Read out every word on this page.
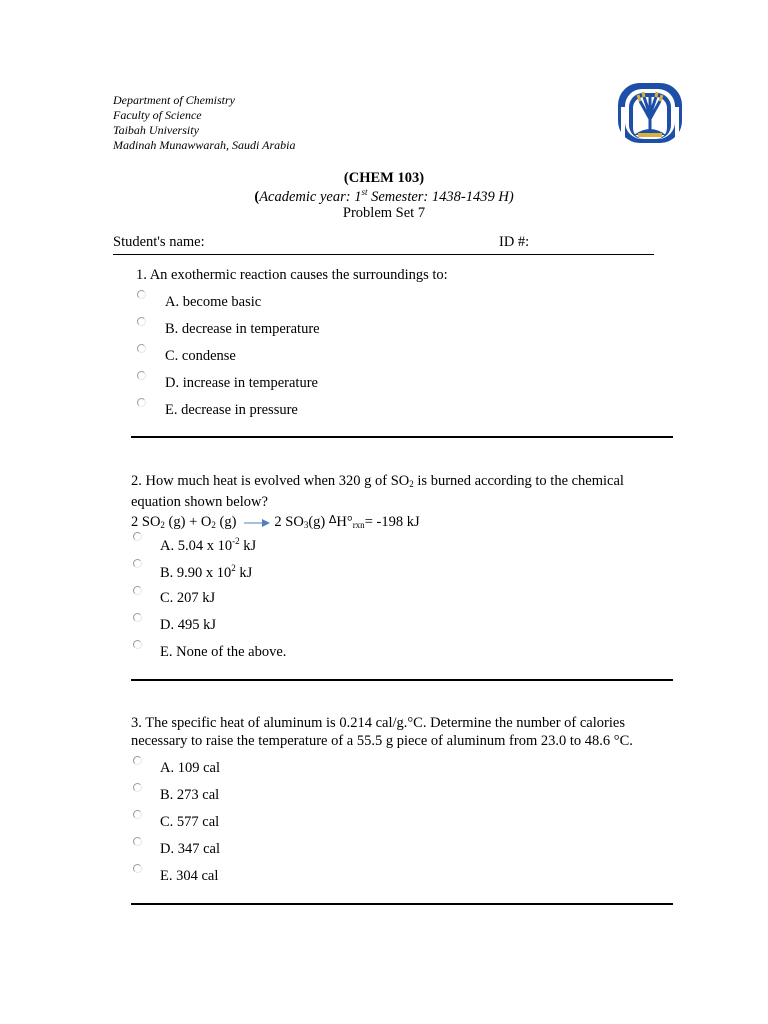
Department of Chemistry
Faculty of Science
Taibah University
Madinah Munawwarah, Saudi Arabia
(CHEM 103)
(Academic year: 1st Semester: 1438-1439 H)
Problem Set 7
Student's name:	ID #:
1. An exothermic reaction causes the surroundings to:
A. become basic
B. decrease in temperature
C. condense
D. increase in temperature
E. decrease in pressure
2. How much heat is evolved when 320 g of $SO_2$ is burned according to the chemical
equation shown below?
2 $SO_2$ $(g) + O_2$ (g) → 2 $SO_3(g)$ $^\Delta H^\circ_{rxn}= -198$ kJ
A. 5.04 x $10^{-2}$ kJ
B. 9.90 x $10^2$ kJ
C. 207 kJ
D. 495 kJ
E. None of the above.
3. The specific heat of aluminum is 0.214 cal/g.°C. Determine the number of calories
necessary to raise the temperature of a 55.5 g piece of aluminum from 23.0 to 48.6 °C.
A. 109 cal
B. 273 cal
C. 577 cal
D. 347 cal
E. 304 cal
